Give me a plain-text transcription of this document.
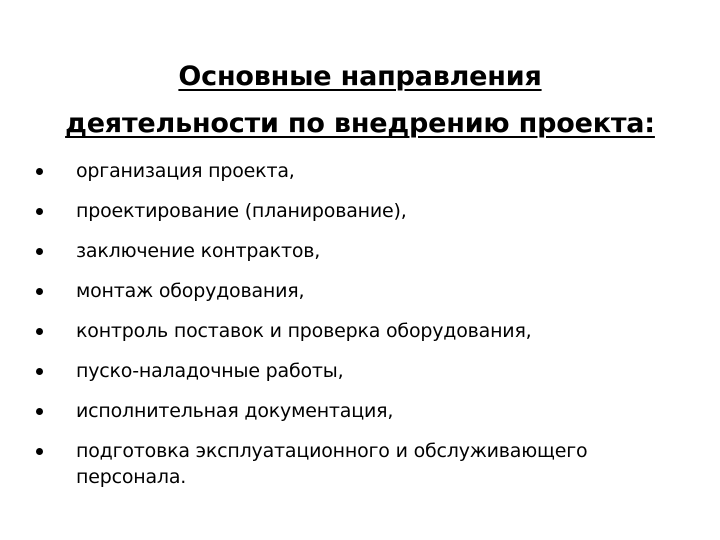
Основные направления
деятельности по внедрению проекта:
организация проекта,
проектирование (планирование),
заключение контрактов,
монтаж оборудования,
контроль поставок и проверка оборудования,
пуско-наладочные работы,
исполнительная документация,
подготовка эксплуатационного и обслуживающего персонала.
